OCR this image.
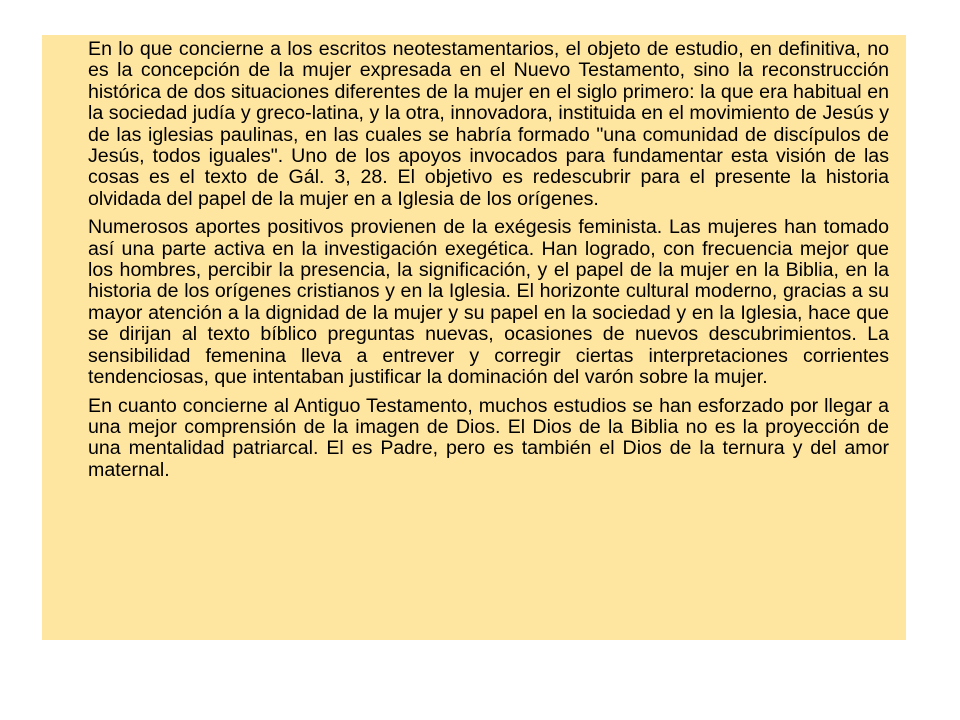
En lo que concierne a los escritos neotestamentarios, el objeto de estudio, en definitiva, no es la concepción de la mujer expresada en el Nuevo Testamento, sino la reconstrucción histórica de dos situaciones diferentes de la mujer en el siglo primero: la que era habitual en la sociedad judía y greco-latina, y la otra, innovadora, instituida en el movimiento de Jesús y de las iglesias paulinas, en las cuales se habría formado "una comunidad de discípulos de Jesús, todos iguales". Uno de los apoyos invocados para fundamentar esta visión de las cosas es el texto de Gál. 3, 28. El objetivo es redescubrir para el presente la historia olvidada del papel de la mujer en a Iglesia de los orígenes.

Numerosos aportes positivos provienen de la exégesis feminista. Las mujeres han tomado así una parte activa en la investigación exegética. Han logrado, con frecuencia mejor que los hombres, percibir la presencia, la significación, y el papel de la mujer en la Biblia, en la historia de los orígenes cristianos y en la Iglesia. El horizonte cultural moderno, gracias a su mayor atención a la dignidad de la mujer y su papel en la sociedad y en la Iglesia, hace que se dirijan al texto bíblico preguntas nuevas, ocasiones de nuevos descubrimientos. La sensibilidad femenina lleva a entrever y corregir ciertas interpretaciones corrientes tendenciosas, que intentaban justificar la dominación del varón sobre la mujer.

En cuanto concierne al Antiguo Testamento, muchos estudios se han esforzado por llegar a una mejor comprensión de la imagen de Dios. El Dios de la Biblia no es la proyección de una mentalidad patriarcal. El es Padre, pero es también el Dios de la ternura y del amor maternal.
